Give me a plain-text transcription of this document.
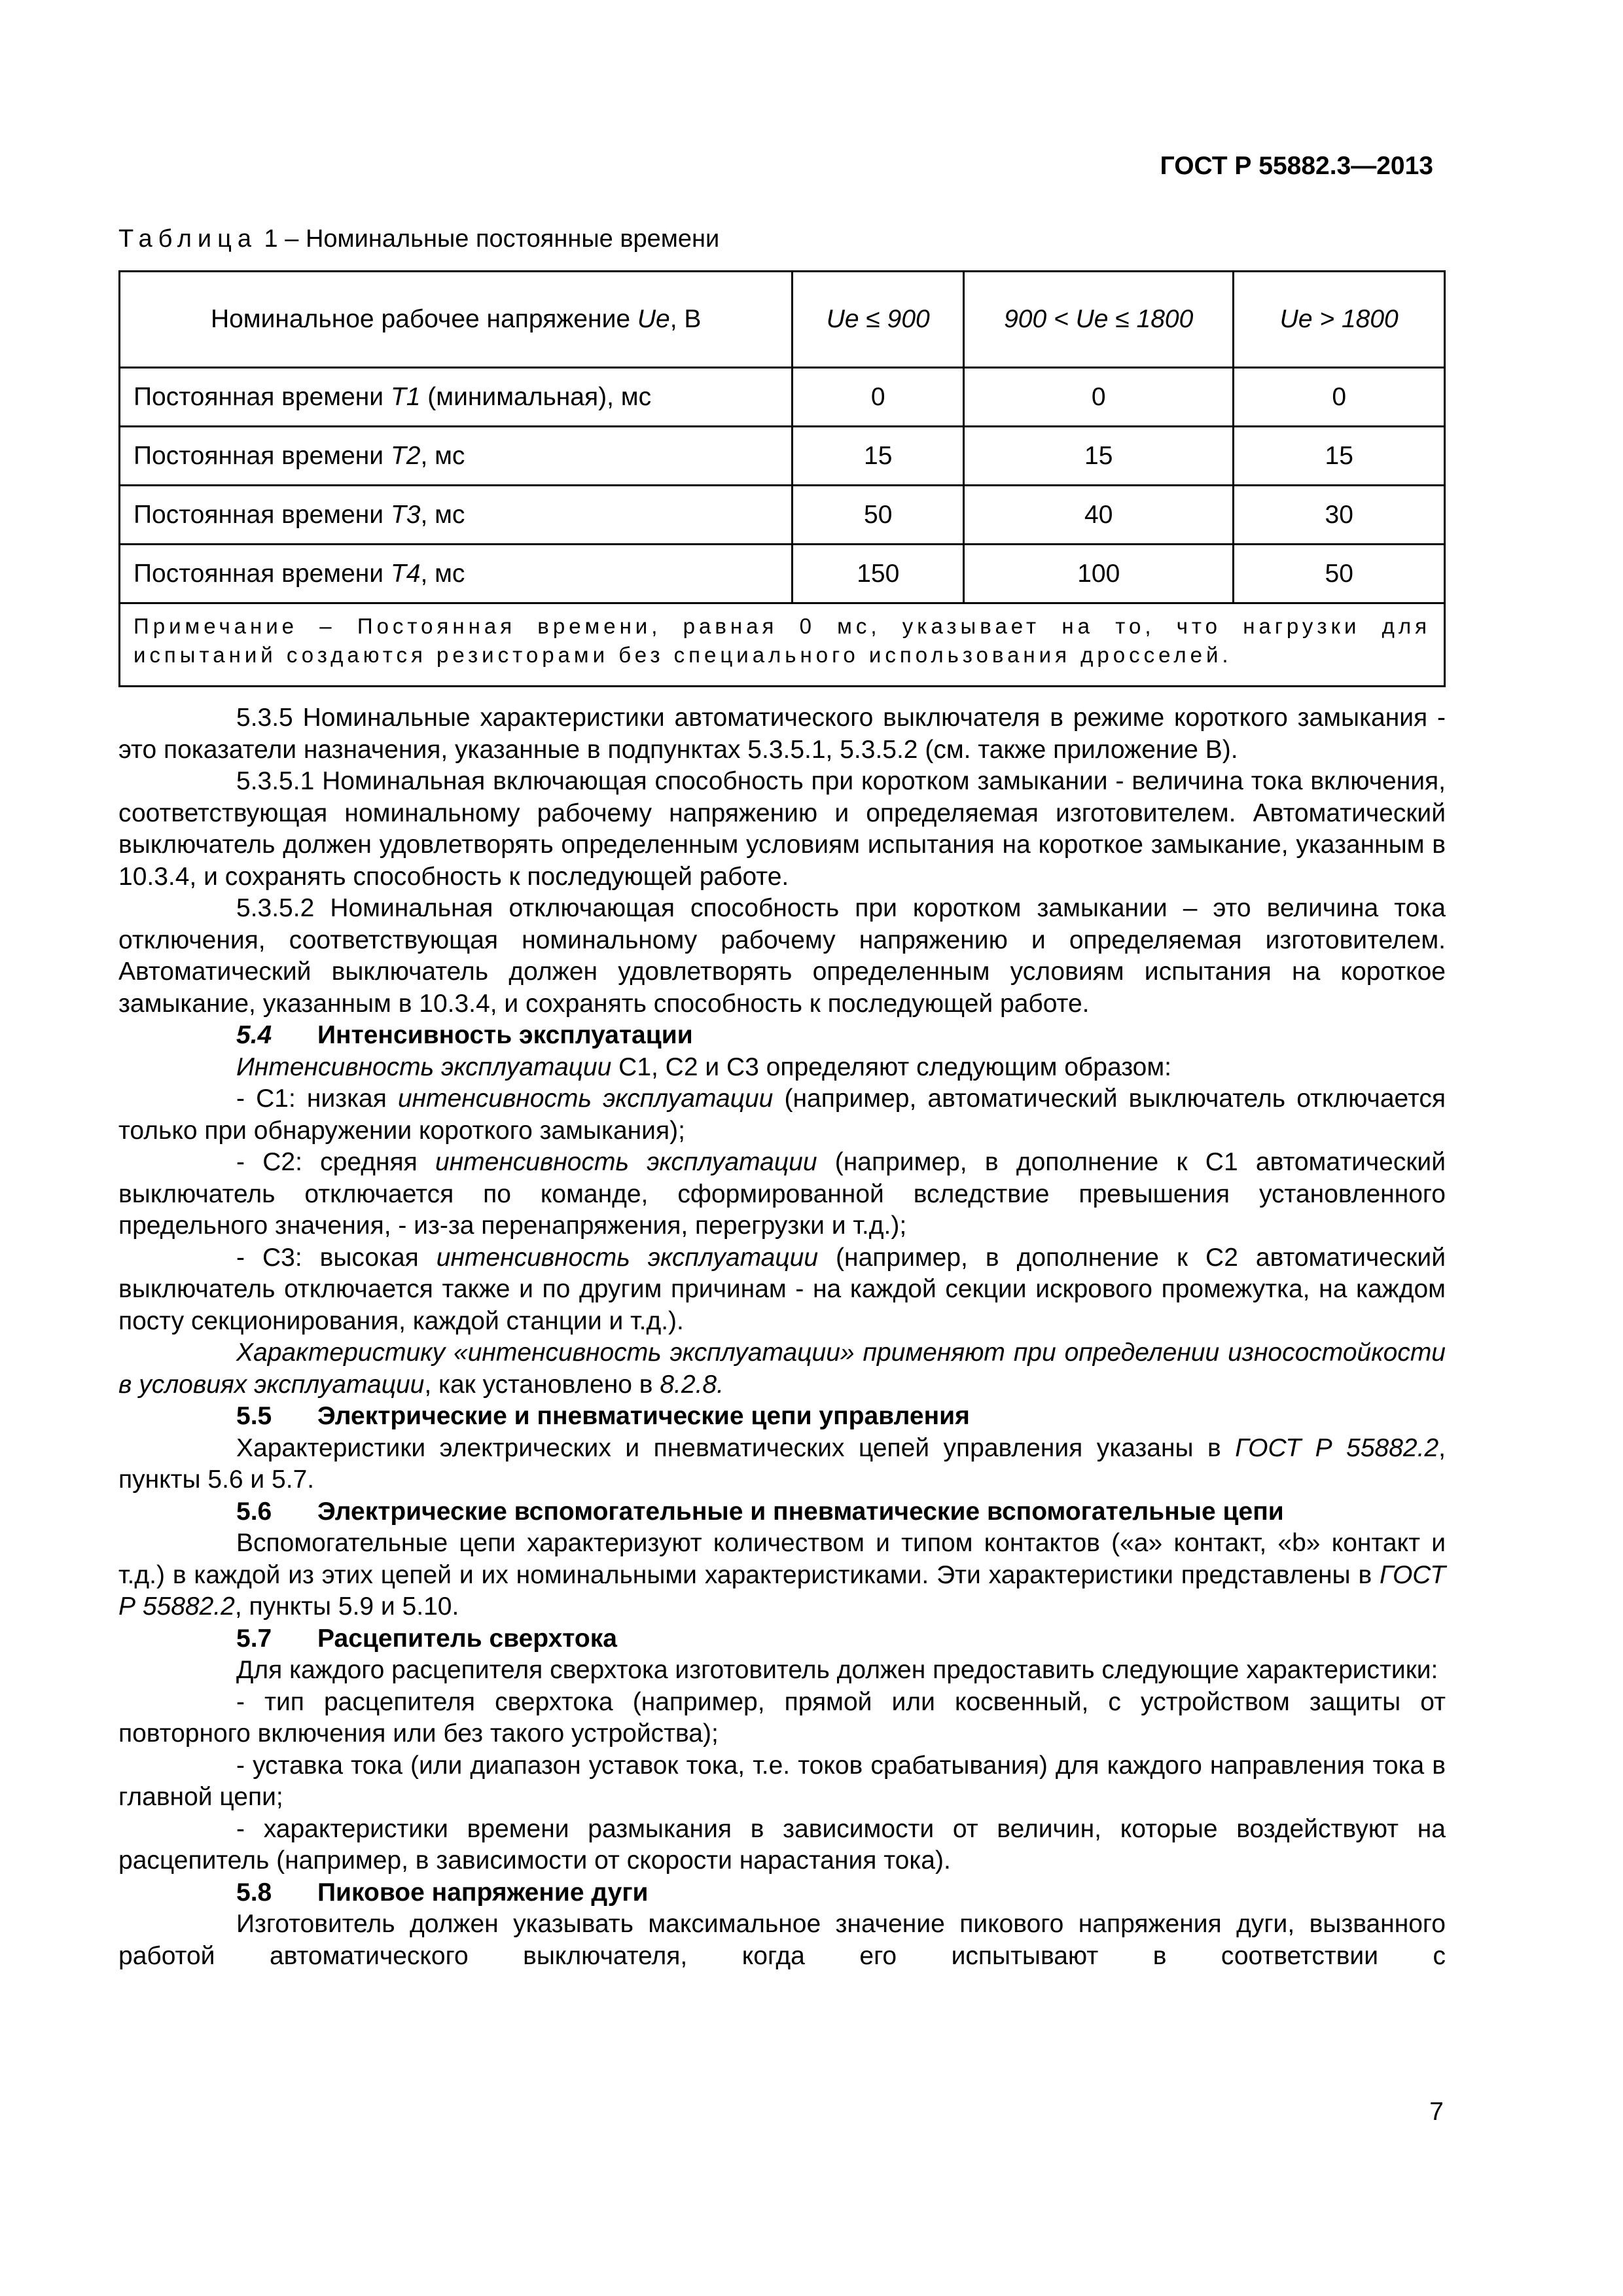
ГОСТ Р 55882.3—2013
Таблица 1 – Номинальные постоянные времени
Номинальное рабочее напряжение Ue, В	Ue ≤ 900	900 < Ue ≤ 1800	Ue > 1800
Постоянная времени T1 (минимальная), мс	0	0	0
Постоянная времени T2, мс	15	15	15
Постоянная времени T3, мс	50	40	30
Постоянная времени T4, мс	150	100	50
Примечание – Постоянная времени, равная 0 мс, указывает на то, что нагрузки для испытаний создаются резисторами без специального использования дросселей.			

5.3.5 Номинальные характеристики автоматического выключателя в режиме короткого замыкания - это показатели назначения, указанные в подпунктах 5.3.5.1, 5.3.5.2 (см. также приложение В).

5.3.5.1 Номинальная включающая способность при коротком замыкании - величина тока включения, соответствующая номинальному рабочему напряжению и определяемая изготовителем. Автоматический выключатель должен удовлетворять определенным условиям испытания на короткое замыкание, указанным в 10.3.4, и сохранять способность к последующей работе.

5.3.5.2 Номинальная отключающая способность при коротком замыкании – это величина тока отключения, соответствующая номинальному рабочему напряжению и определяемая изготовителем. Автоматический выключатель должен удовлетворять определенным условиям испытания на короткое замыкание, указанным в 10.3.4, и сохранять способность к последующей работе.

5.4 Интенсивность эксплуатации

Интенсивность эксплуатации С1, С2 и С3 определяют следующим образом:

- С1: низкая интенсивность эксплуатации (например, автоматический выключатель отключается только при обнаружении короткого замыкания);

- С2: средняя интенсивность эксплуатации (например, в дополнение к С1 автоматический выключатель отключается по команде, сформированной вследствие превышения установленного предельного значения, - из-за перенапряжения, перегрузки и т.д.);

- С3: высокая интенсивность эксплуатации (например, в дополнение к С2 автоматический выключатель отключается также и по другим причинам - на каждой секции искрового промежутка, на каждом посту секционирования, каждой станции и т.д.).

Характеристику «интенсивность эксплуатации» применяют при определении износостойкости в условиях эксплуатации, как установлено в 8.2.8.

5.5 Электрические и пневматические цепи управления

Характеристики электрических и пневматических цепей управления указаны в ГОСТ Р 55882.2, пункты 5.6 и 5.7.

5.6 Электрические вспомогательные и пневматические вспомогательные цепи

Вспомогательные цепи характеризуют количеством и типом контактов («а» контакт, «b» контакт и т.д.) в каждой из этих цепей и их номинальными характеристиками. Эти характеристики представлены в ГОСТ Р 55882.2, пункты 5.9 и 5.10.

5.7 Расцепитель сверхтока

Для каждого расцепителя сверхтока изготовитель должен предоставить следующие характеристики:

- тип расцепителя сверхтока (например, прямой или косвенный, с устройством защиты от повторного включения или без такого устройства);

- уставка тока (или диапазон уставок тока, т.е. токов срабатывания) для каждого направления тока в главной цепи;

- характеристики времени размыкания в зависимости от величин, которые воздействуют на расцепитель (например, в зависимости от скорости нарастания тока).

5.8 Пиковое напряжение дуги

Изготовитель должен указывать максимальное значение пикового напряжения дуги, вызванного работой автоматического выключателя, когда его испытывают в соответствии с

7
